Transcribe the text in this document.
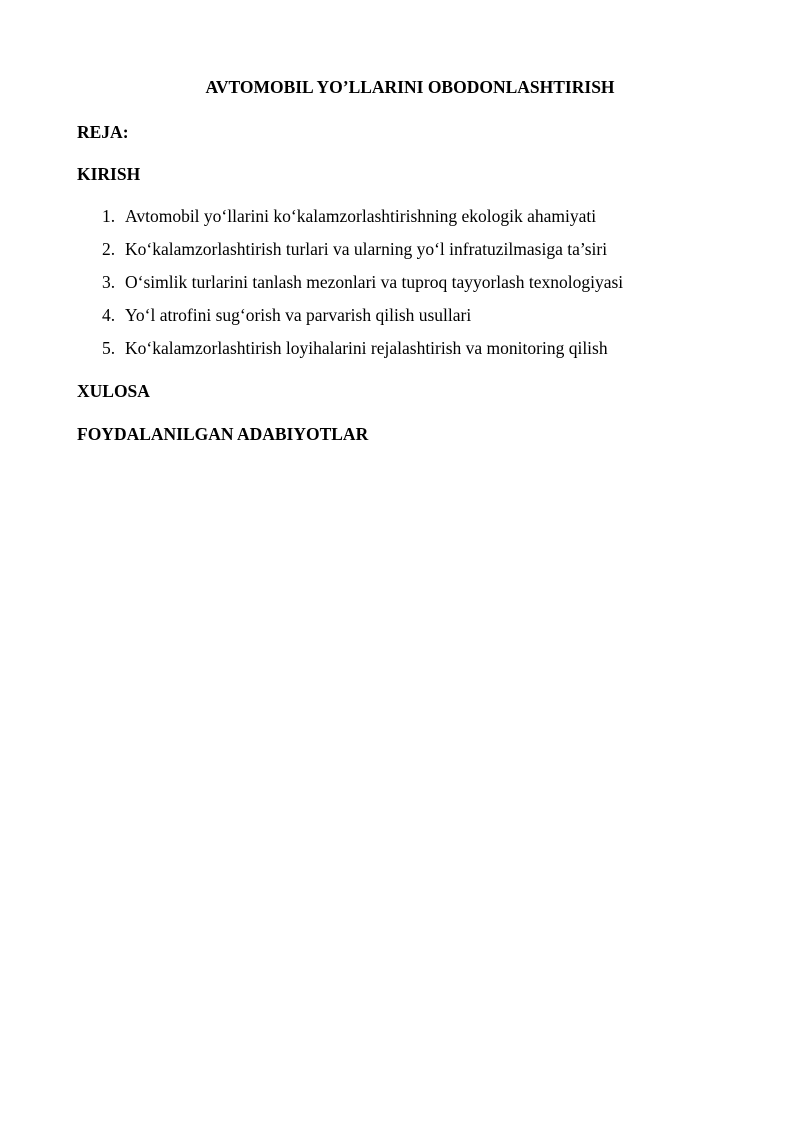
AVTOMOBIL YO’LLARINI OBODONLASHTIRISH

REJA:

KIRISH

1. Avtomobil yo‘llarini ko‘kalamzorlashtirishning ekologik ahamiyati
2. Ko‘kalamzorlashtirish turlari va ularning yo‘l infratuzilmasiga ta’siri
3. O‘simlik turlarini tanlash mezonlari va tuproq tayyorlash texnologiyasi
4. Yo‘l atrofini sug‘orish va parvarish qilish usullari
5. Ko‘kalamzorlashtirish loyihalarini rejalashtirish va monitoring qilish

XULOSA

FOYDALANILGAN ADABIYOTLAR
